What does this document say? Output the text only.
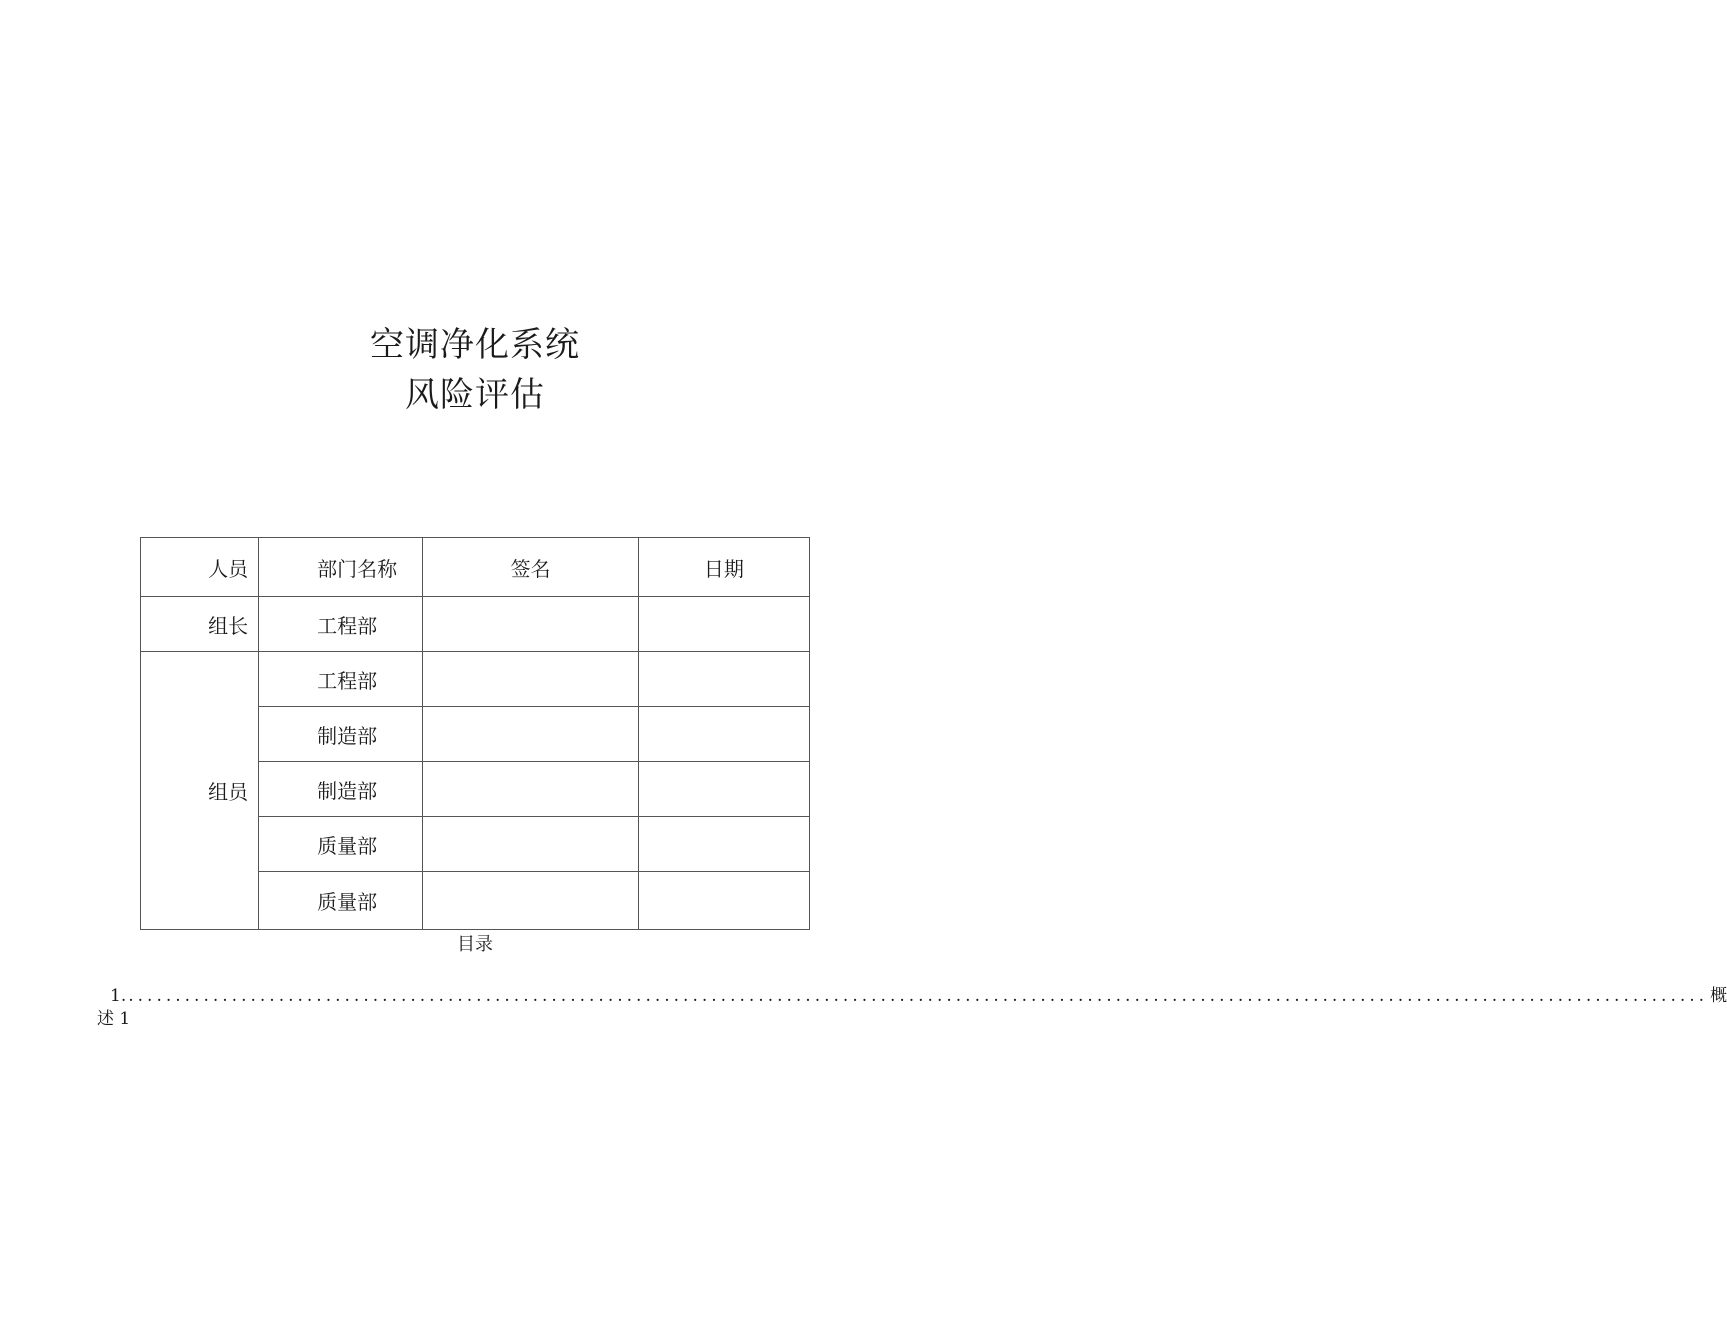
空调净化系统

风险评估

人员	部门名称	签名	日期
组长	工程部		
组员	工程部		
	制造部		
	制造部		
	质量部		
	质量部		
目录
1. ........................................................................................................................................................................ 概
述 1
